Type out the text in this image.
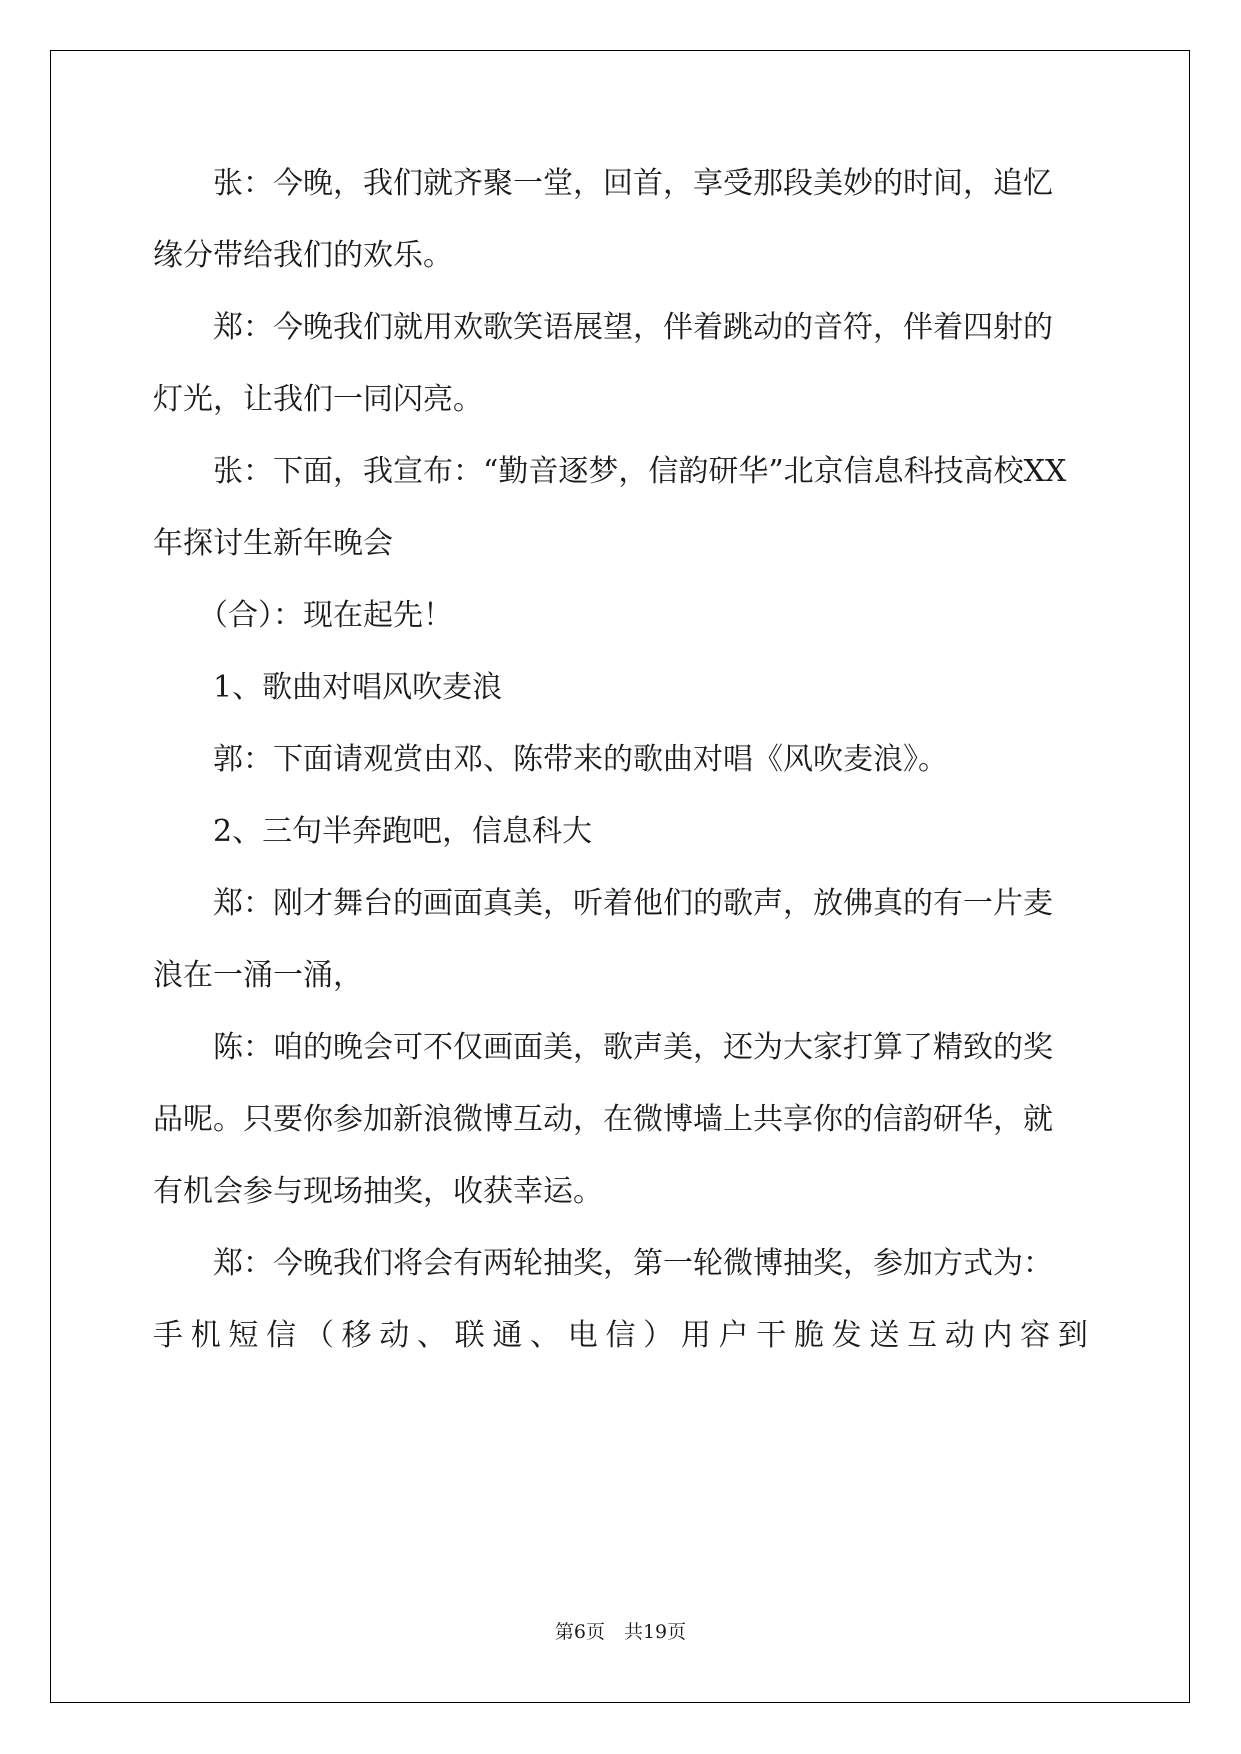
张：今晚，我们就齐聚一堂，回首，享受那段美妙的时间，追忆
缘分带给我们的欢乐。
郑：今晚我们就用欢歌笑语展望，伴着跳动的音符，伴着四射的
灯光，让我们一同闪亮。
张：下面，我宣布：“勤音逐梦，信韵研华”北京信息科技高校XX
年探讨生新年晚会
（合）：现在起先！
1、歌曲对唱风吹麦浪
郭：下面请观赏由邓、陈带来的歌曲对唱《风吹麦浪》。
2、三句半奔跑吧，信息科大
郑：刚才舞台的画面真美，听着他们的歌声，放佛真的有一片麦
浪在一涌一涌，
陈：咱的晚会可不仅画面美，歌声美，还为大家打算了精致的奖
品呢。只要你参加新浪微博互动，在微博墙上共享你的信韵研华，就
有机会参与现场抽奖，收获幸运。
郑：今晚我们将会有两轮抽奖，第一轮微博抽奖，参加方式为：
手 机 短 信 （ 移 动 、 联 通 、 电 信 ） 用 户 干 脆 发 送 互 动 内 容 到
第6页　共19页
